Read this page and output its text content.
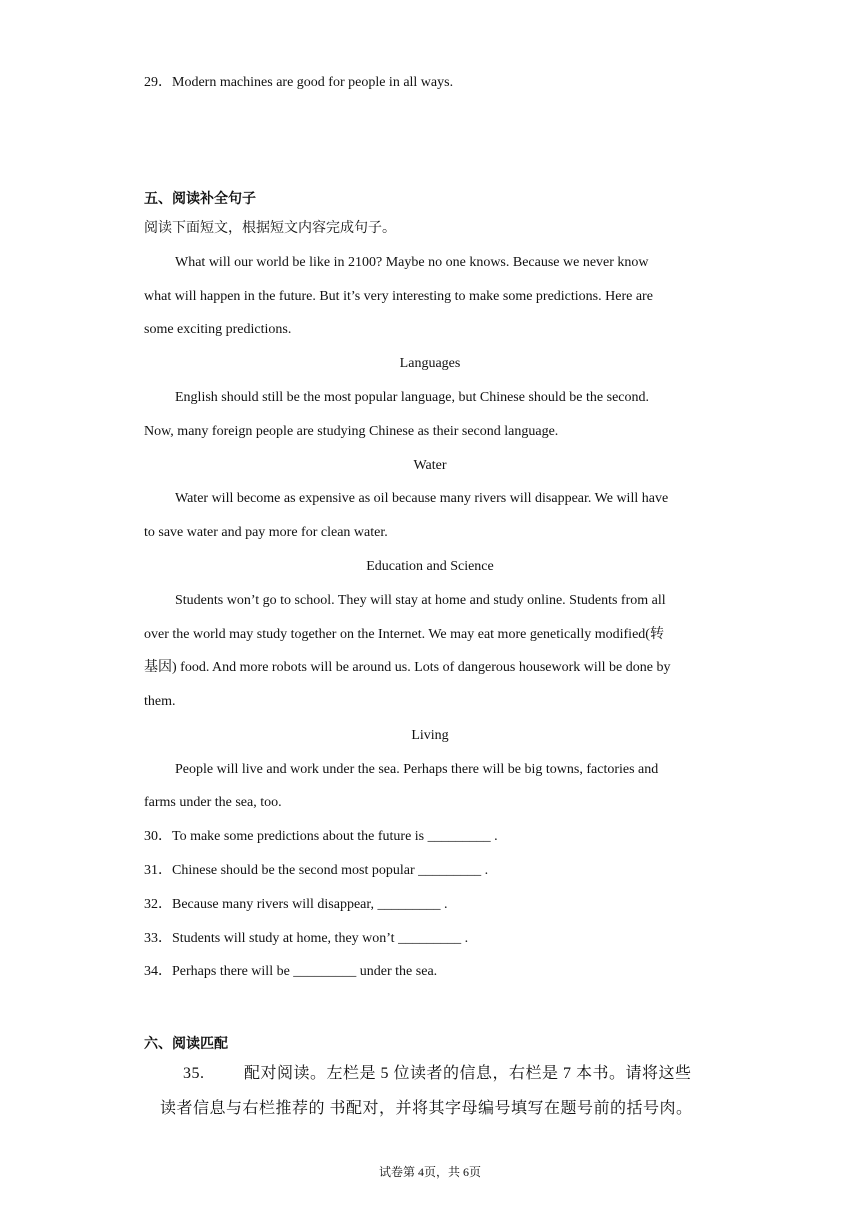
29．Modern machines are good for people in all ways.
五、阅读补全句子
阅读下面短文，根据短文内容完成句子。
What will our world be like in 2100? Maybe no one knows. Because we never know
what will happen in the future. But it’s very interesting to make some predictions. Here are
some exciting predictions.
Languages
English should still be the most popular language, but Chinese should be the second.
Now, many foreign people are studying Chinese as their second language.
Water
Water will become as expensive as oil because many rivers will disappear. We will have
to save water and pay more for clean water.
Education and Science
Students won’t go to school. They will stay at home and study online. Students from all
over the world may study together on the Internet. We may eat more genetically modified(转
基因) food. And more robots will be around us. Lots of dangerous housework will be done by
them.
Living
People will live and work under the sea. Perhaps there will be big towns, factories and
farms under the sea, too.
30．To make some predictions about the future is _________ .
31．Chinese should be the second most popular _________ .
32．Because many rivers will disappear, _________ .
33．Students will study at home, they won’t _________ .
34．Perhaps there will be _________ under the sea.
六、阅读匹配
35. 配对阅读。左栏是 5 位读者的信息，右栏是 7 本书。请将这些
读者信息与右栏推荐的 书配对，并将其字母编号填写在题号前的括号肉。
试卷第 4页，共 6页
